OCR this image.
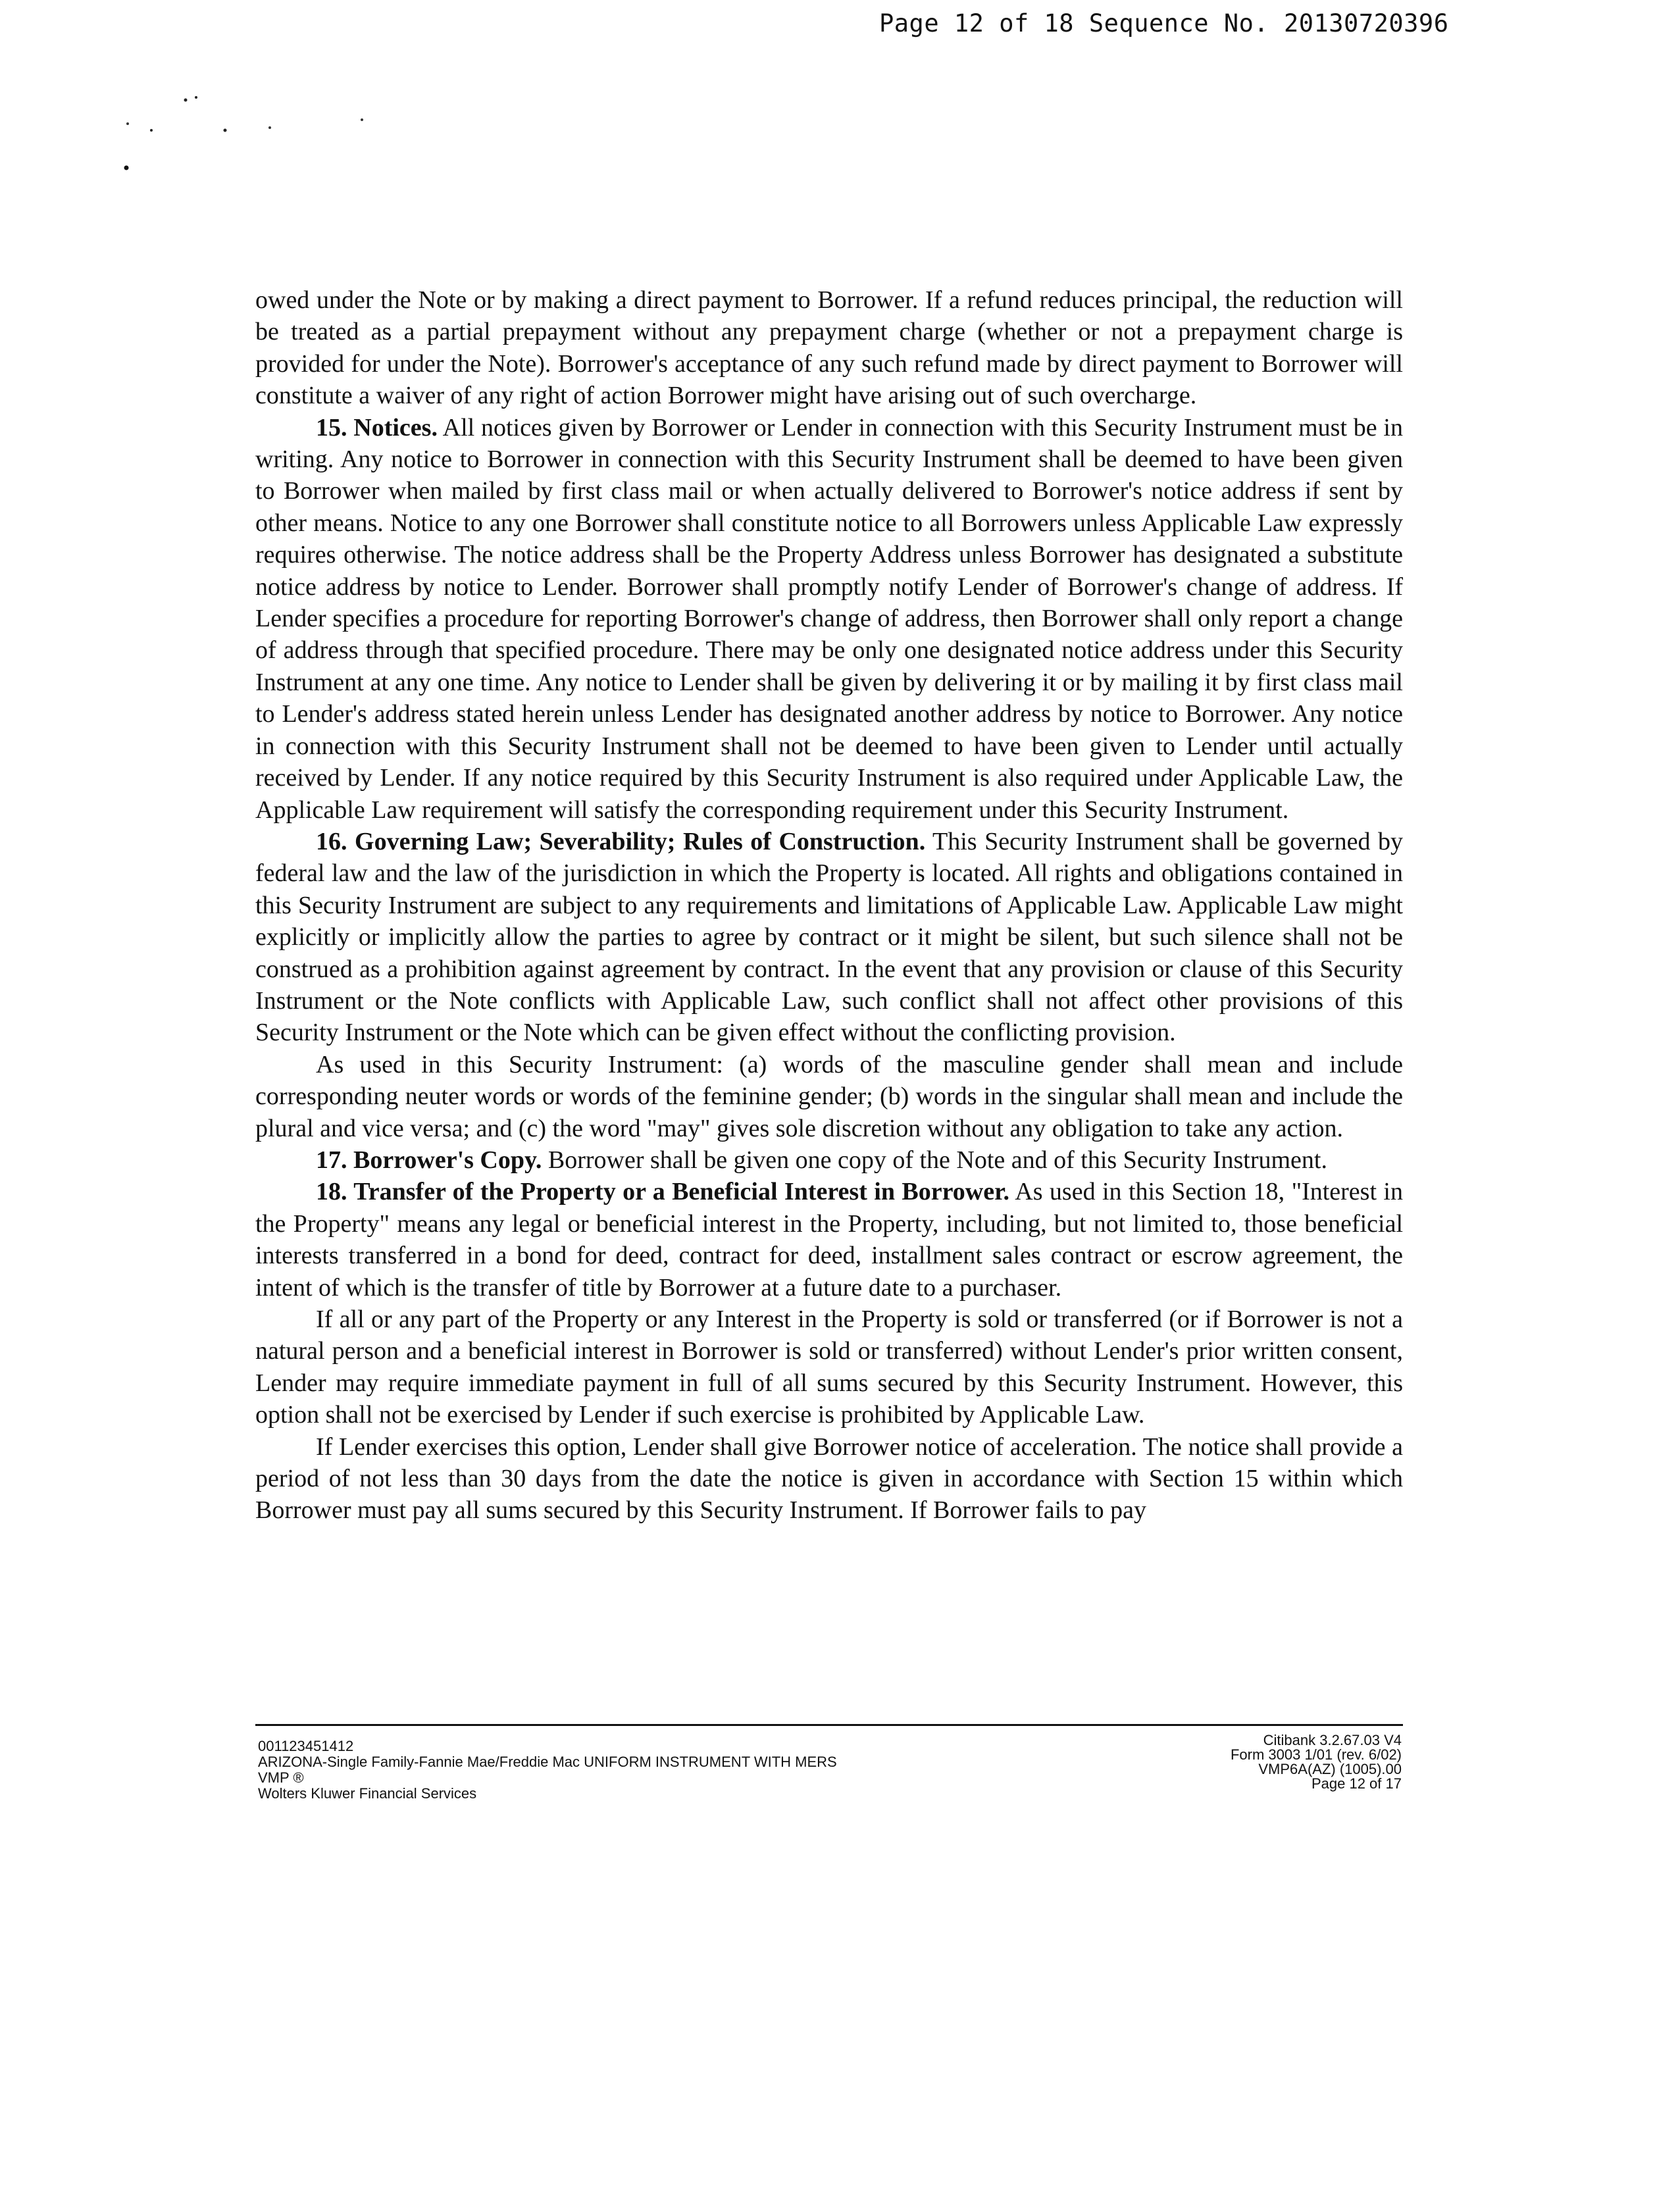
Page 12 of 18 Sequence No. 20130720396

owed under the Note or by making a direct payment to Borrower. If a refund reduces principal, the reduction will be treated as a partial prepayment without any prepayment charge (whether or not a prepayment charge is provided for under the Note). Borrower's acceptance of any such refund made by direct payment to Borrower will constitute a waiver of any right of action Borrower might have arising out of such overcharge.

15. Notices. All notices given by Borrower or Lender in connection with this Security Instrument must be in writing. Any notice to Borrower in connection with this Security Instrument shall be deemed to have been given to Borrower when mailed by first class mail or when actually delivered to Borrower's notice address if sent by other means. Notice to any one Borrower shall constitute notice to all Borrowers unless Applicable Law expressly requires otherwise. The notice address shall be the Property Address unless Borrower has designated a substitute notice address by notice to Lender. Borrower shall promptly notify Lender of Borrower's change of address. If Lender specifies a procedure for reporting Borrower's change of address, then Borrower shall only report a change of address through that specified procedure. There may be only one designated notice address under this Security Instrument at any one time. Any notice to Lender shall be given by delivering it or by mailing it by first class mail to Lender's address stated herein unless Lender has designated another address by notice to Borrower. Any notice in connection with this Security Instrument shall not be deemed to have been given to Lender until actually received by Lender. If any notice required by this Security Instrument is also required under Applicable Law, the Applicable Law requirement will satisfy the corresponding requirement under this Security Instrument.

16. Governing Law; Severability; Rules of Construction. This Security Instrument shall be governed by federal law and the law of the jurisdiction in which the Property is located. All rights and obligations contained in this Security Instrument are subject to any requirements and limitations of Applicable Law. Applicable Law might explicitly or implicitly allow the parties to agree by contract or it might be silent, but such silence shall not be construed as a prohibition against agreement by contract. In the event that any provision or clause of this Security Instrument or the Note conflicts with Applicable Law, such conflict shall not affect other provisions of this Security Instrument or the Note which can be given effect without the conflicting provision.

As used in this Security Instrument: (a) words of the masculine gender shall mean and include corresponding neuter words or words of the feminine gender; (b) words in the singular shall mean and include the plural and vice versa; and (c) the word "may" gives sole discretion without any obligation to take any action.

17. Borrower's Copy. Borrower shall be given one copy of the Note and of this Security Instrument.

18. Transfer of the Property or a Beneficial Interest in Borrower. As used in this Section 18, "Interest in the Property" means any legal or beneficial interest in the Property, including, but not limited to, those beneficial interests transferred in a bond for deed, contract for deed, installment sales contract or escrow agreement, the intent of which is the transfer of title by Borrower at a future date to a purchaser.

If all or any part of the Property or any Interest in the Property is sold or transferred (or if Borrower is not a natural person and a beneficial interest in Borrower is sold or transferred) without Lender's prior written consent, Lender may require immediate payment in full of all sums secured by this Security Instrument. However, this option shall not be exercised by Lender if such exercise is prohibited by Applicable Law.

If Lender exercises this option, Lender shall give Borrower notice of acceleration. The notice shall provide a period of not less than 30 days from the date the notice is given in accordance with Section 15 within which Borrower must pay all sums secured by this Security Instrument. If Borrower fails to pay

001123451412
ARIZONA-Single Family-Fannie Mae/Freddie Mac UNIFORM INSTRUMENT WITH MERS
VMP ®
Wolters Kluwer Financial Services
Citibank 3.2.67.03 V4
Form 3003 1/01 (rev. 6/02)
VMP6A(AZ) (1005).00
Page 12 of 17
